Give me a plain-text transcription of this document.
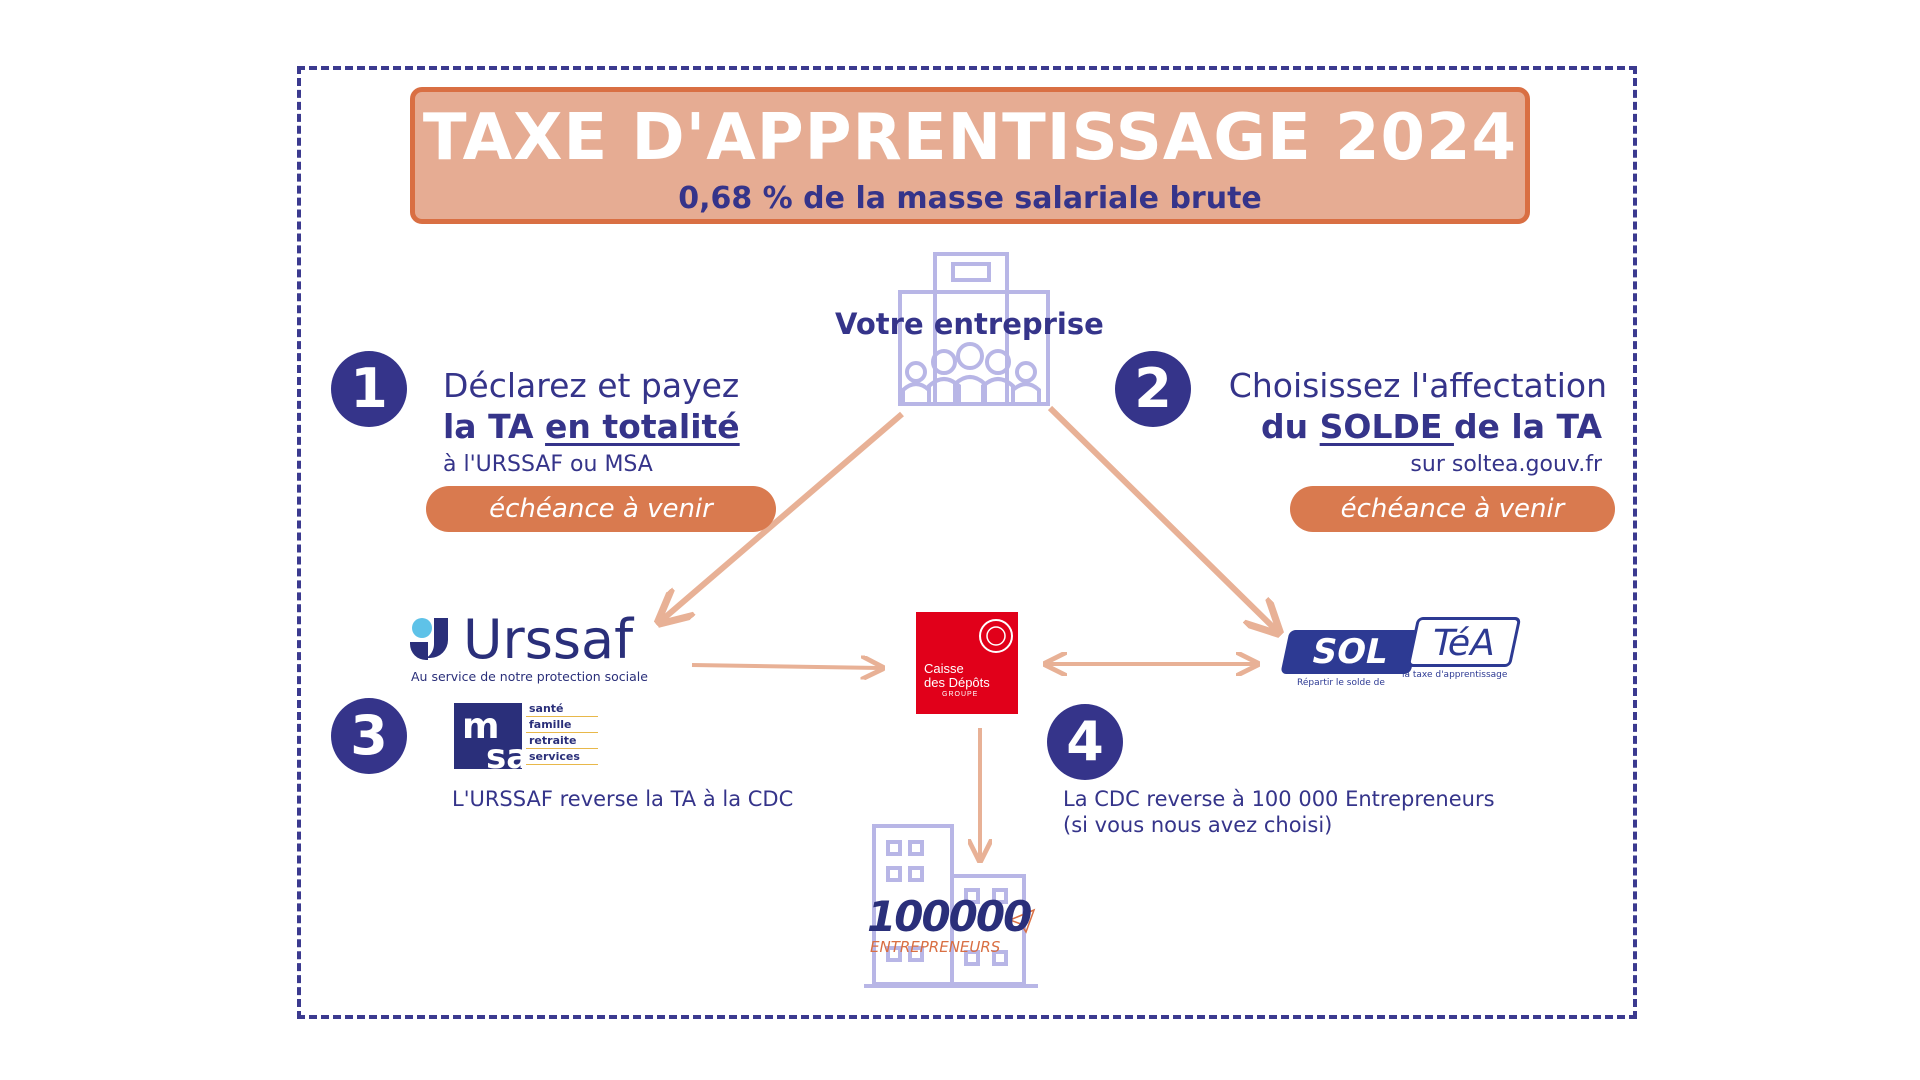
TAXE D'APPRENTISSAGE 2024
0,68 % de la masse salariale brute
m
sa
Votre entreprise
1	Déclarez et payez
la TA en totalité
à l'URSSAF ou MSA
échéance à venir
2	Choisissez l'affectation
du SOLDE de la TA
sur soltea.gouv.fr
échéance à venir
Urssaf
Au service de notre protection sociale
santé
famille
retraite
services
Caisse
des Dépôts
GROUPE
SOL	TéA
Répartir le solde de
la taxe d'apprentissage
100000
ENTREPRENEURS
3
L'URSSAF reverse la TA à la CDC
4
La CDC reverse à 100 000 Entrepreneurs
(si vous nous avez choisi)
